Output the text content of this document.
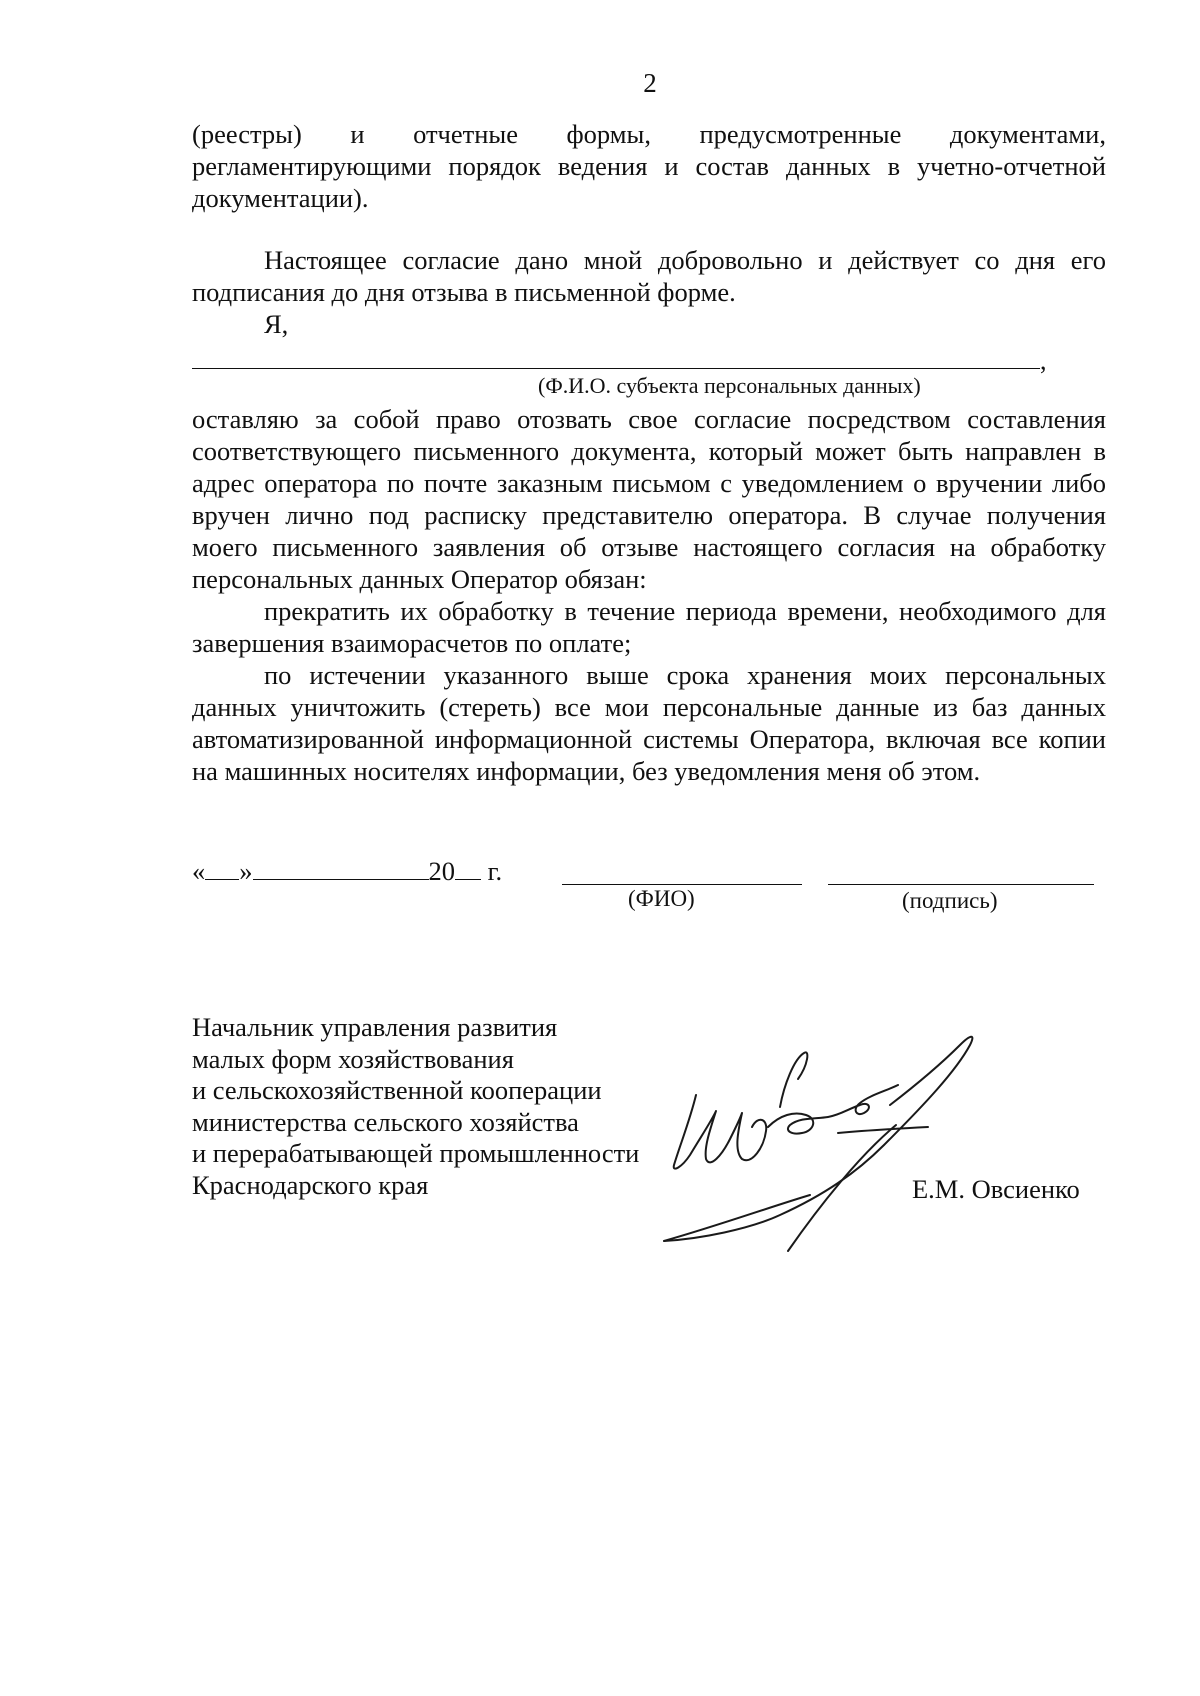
2
(реестры) и отчетные формы, предусмотренные документами,

регламентирующими порядок ведения и состав данных в учетно-отчетной документации).

Настоящее согласие дано мной добровольно и действует со дня его подписания до дня отзыва в письменной форме.

Я,

,
(Ф.И.О. субъекта персональных данных)

оставляю за собой право отозвать свое согласие посредством составления соответствующего письменного документа, который может быть направлен в адрес оператора по почте заказным письмом с уведомлением о вручении либо вручен лично под расписку представителю оператора. В случае получения моего письменного заявления об отзыве настоящего согласия на обработку персональных данных Оператор обязан:

прекратить их обработку в течение периода времени, необходимого для завершения взаиморасчетов по оплате;

по истечении указанного выше срока хранения моих персональных данных уничтожить (стереть) все мои персональные данные из баз данных автоматизированной информационной системы Оператора, включая все копии на машинных носителях информации, без уведомления меня об этом.

« »	20 г.
(ФИО)	(подпись)
Начальник управления развития
малых форм хозяйствования
и сельскохозяйственной кооперации
министерства сельского хозяйства
и перерабатывающей промышленности
Краснодарского края	Е.М. Овсиенко
